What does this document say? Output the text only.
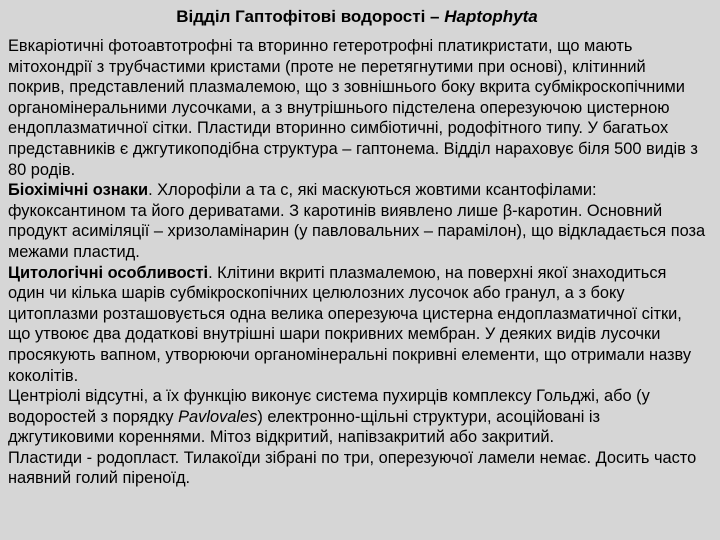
Відділ Гаптофітові водорості – Haptophyta
Евкаріотичні фотоавтотрофні та вторинно гетеротрофні платикристати, що мають мітохондрії з трубчастими кристами (проте не перетягнутими при основі), клітинний покрив, представлений плазмалемою, що з зовнішнього боку вкрита субмікроскопічними органомінеральними лусочками, а з внутрішнього підстелена оперезуючою цистерною ендоплазматичної сітки. Пластиди вторинно симбіотичні, родофітного типу. У багатьох представників є джгутикоподібна структура – гаптонема. Відділ нараховує біля 500 видів з 80 родів.
Біохімічні ознаки. Хлорофіли а та с, які маскуються жовтими ксантофілами: фукоксантином та його дериватами. З каротинів виявлено лише β-каротин. Основний продукт асиміляції – хризоламінарин (у павловальних – парамілон), що відкладається поза межами пластид.
Цитологічні особливості. Клітини вкриті плазмалемою, на поверхні якої знаходиться один чи кілька шарів субмікроскопічних целюлозних лусочок або гранул, а з боку цитоплазми розташовується одна велика оперезуюча цистерна ендоплазматичної сітки, що утвоює два додаткові внутрішні шари покривних мембран. У деяких видів лусочки просякують вапном, утворюючи органомінеральні покривні елементи, що отримали назву коколітів.
Центріолі відсутні, а їх функцію виконує система пухирців комплексу Гольджі, або (у водоростей з порядку Pavlovales) електронно-щільні структури, асоційовані із джгутиковими кореннями. Мітоз відкритий, напівзакритий або закритий.
Пластиди - родопласт. Тилакоїди зібрані по три, оперезуючої ламели немає. Досить часто наявний голий піреноїд.
